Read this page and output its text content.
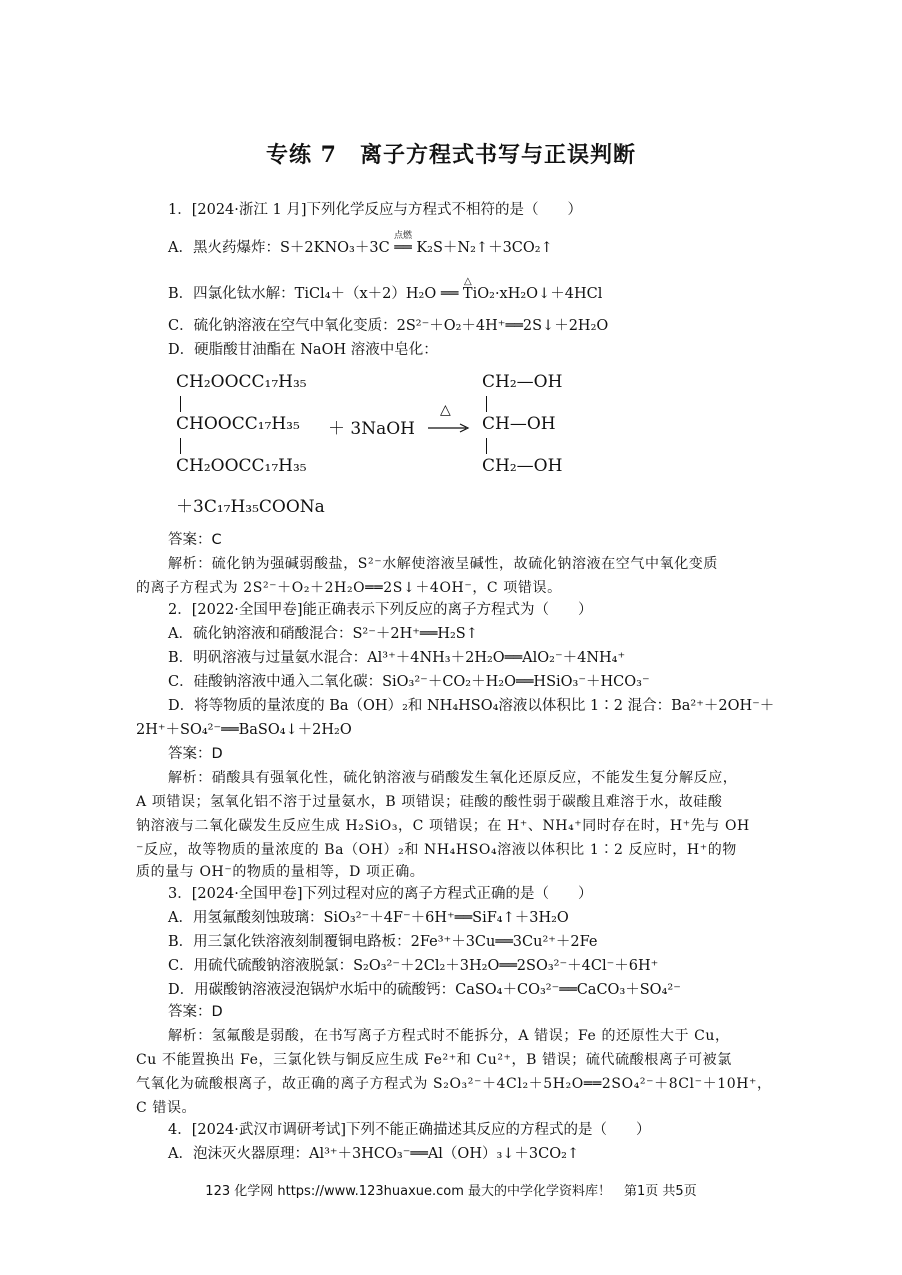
专练 7　离子方程式书写与正误判断
1．[2024·浙江 1 月]下列化学反应与方程式不相符的是（　　）
A．黑火药爆炸：S＋2KNO₃＋3C ══ K₂S＋N₂↑＋3CO₂↑
点燃
B．四氯化钛水解：TiCl₄＋（x＋2）H₂O ══ TiO₂·xH₂O↓＋4HCl
△
C．硫化钠溶液在空气中氧化变质：2S²⁻＋O₂＋4H⁺══2S↓＋2H₂O
D．硬脂酸甘油酯在 NaOH 溶液中皂化：
CH₂OOCC₁₇H₃₅
CHOOCC₁₇H₃₅
CH₂OOCC₁₇H₃₅
＋ 3NaOH
△
CH₂—OH
CH—OH
CH₂—OH
＋3C₁₇H₃₅COONa
答案：C
解析：硫化钠为强碱弱酸盐，S²⁻水解使溶液呈碱性，故硫化钠溶液在空气中氧化变质
的离子方程式为 2S²⁻＋O₂＋2H₂O══2S↓＋4OH⁻，C 项错误。
2．[2022·全国甲卷]能正确表示下列反应的离子方程式为（　　）
A．硫化钠溶液和硝酸混合：S²⁻＋2H⁺══H₂S↑
B．明矾溶液与过量氨水混合：Al³⁺＋4NH₃＋2H₂O══AlO₂⁻＋4NH₄⁺
C．硅酸钠溶液中通入二氧化碳：SiO₃²⁻＋CO₂＋H₂O══HSiO₃⁻＋HCO₃⁻
D．将等物质的量浓度的 Ba（OH）₂和 NH₄HSO₄溶液以体积比 1∶2 混合：Ba²⁺＋2OH⁻＋
2H⁺＋SO₄²⁻══BaSO₄↓＋2H₂O
答案：D
解析：硝酸具有强氧化性，硫化钠溶液与硝酸发生氧化还原反应，不能发生复分解反应，
A 项错误；氢氧化铝不溶于过量氨水，B 项错误；硅酸的酸性弱于碳酸且难溶于水，故硅酸
钠溶液与二氧化碳发生反应生成 H₂SiO₃，C 项错误；在 H⁺、NH₄⁺同时存在时，H⁺先与 OH
⁻反应，故等物质的量浓度的 Ba（OH）₂和 NH₄HSO₄溶液以体积比 1∶2 反应时，H⁺的物
质的量与 OH⁻的物质的量相等，D 项正确。
3．[2024·全国甲卷]下列过程对应的离子方程式正确的是（　　）
A．用氢氟酸刻蚀玻璃：SiO₃²⁻＋4F⁻＋6H⁺══SiF₄↑＋3H₂O
B．用三氯化铁溶液刻制覆铜电路板：2Fe³⁺＋3Cu══3Cu²⁺＋2Fe
C．用硫代硫酸钠溶液脱氯：S₂O₃²⁻＋2Cl₂＋3H₂O══2SO₃²⁻＋4Cl⁻＋6H⁺
D．用碳酸钠溶液浸泡锅炉水垢中的硫酸钙：CaSO₄＋CO₃²⁻══CaCO₃＋SO₄²⁻
答案：D
解析：氢氟酸是弱酸，在书写离子方程式时不能拆分，A 错误；Fe 的还原性大于 Cu，
Cu 不能置换出 Fe，三氯化铁与铜反应生成 Fe²⁺和 Cu²⁺，B 错误；硫代硫酸根离子可被氯
气氧化为硫酸根离子，故正确的离子方程式为 S₂O₃²⁻＋4Cl₂＋5H₂O══2SO₄²⁻＋8Cl⁻＋10H⁺，
C 错误。
4．[2024·武汉市调研考试]下列不能正确描述其反应的方程式的是（　　）
A．泡沫灭火器原理：Al³⁺＋3HCO₃⁻══Al（OH）₃↓＋3CO₂↑
123 化学网 https://www.123huaxue.com 最大的中学化学资料库！　第1页 共5页
